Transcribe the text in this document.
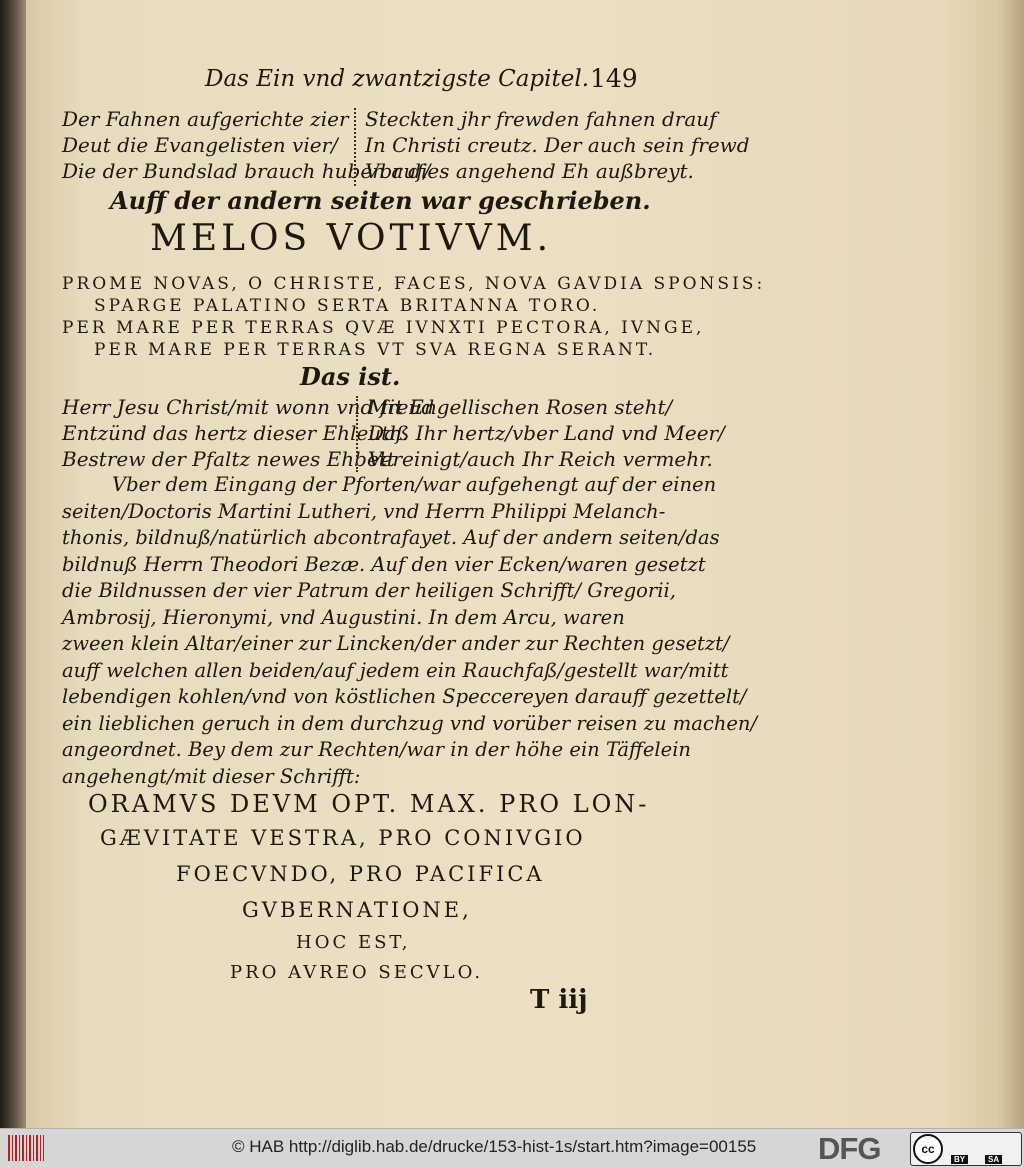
Das Ein vnd zwantzigste Capitel. 149
Der Fahnen aufgerichte zier
Deut die Evangelisten vier/
Die der Bundslad brauch huben auf/
Steckten jhr frewden fahnen drauf
In Christi creutz. Der auch sein frewd
Vbr dies angehend Eh außbreyt.
Auff der andern seiten war geschrieben.
MELOS VOTIVVM.
PROME NOVAS, O CHRISTE, FACES, NOVA GAVDIA SPONSIS:
SPARGE PALATINO SERTA BRITANNA TORO.
PER MARE PER TERRAS QVÆ IVNXTI PECTORA, IVNGE,
PER MARE PER TERRAS VT SVA REGNA SERANT.
Das ist.
Herr Jesu Christ/mit wonn vnd freud
Entzünd das hertz dieser Ehleuth.
Bestrew der Pfaltz newes Ehbett
Mit Engellischen Rosen steht/
Daß Ihr hertz/vber Land vnd Meer/
Vereinigt/auch Ihr Reich vermehr.
Vber dem Eingang der Pforten/war aufgehengt auf der einen
seiten/Doctoris Martini Lutheri, vnd Herrn Philippi Melanch-
thonis, bildnuß/natürlich abcontrafayet. Auf der andern seiten/das
bildnuß Herrn Theodori Bezæ. Auf den vier Ecken/waren gesetzt
die Bildnussen der vier Patrum der heiligen Schrifft/ Gregorii,
Ambrosij, Hieronymi, vnd Augustini. In dem Arcu, waren
zween klein Altar/einer zur Lincken/der ander zur Rechten gesetzt/
auff welchen allen beiden/auf jedem ein Rauchfaß/gestellt war/mitt
lebendigen kohlen/vnd von köstlichen Speccereyen darauff gezettelt/
ein lieblichen geruch in dem durchzug vnd vorüber reisen zu machen/
angeordnet. Bey dem zur Rechten/war in der höhe ein Täffelein
angehengt/mit dieser Schrifft:
ORAMVS DEVM OPT. MAX. PRO LON-
GÆVITATE VESTRA, PRO CONIVGIO
FOECVNDO, PRO PACIFICA
GVBERNATIONE,
HOC EST,
PRO AVREO SECVLO.
T iij
© HAB http://diglib.hab.de/drucke/153-hist-1s/start.htm?image=00155 DFG	cc
BY	SA
